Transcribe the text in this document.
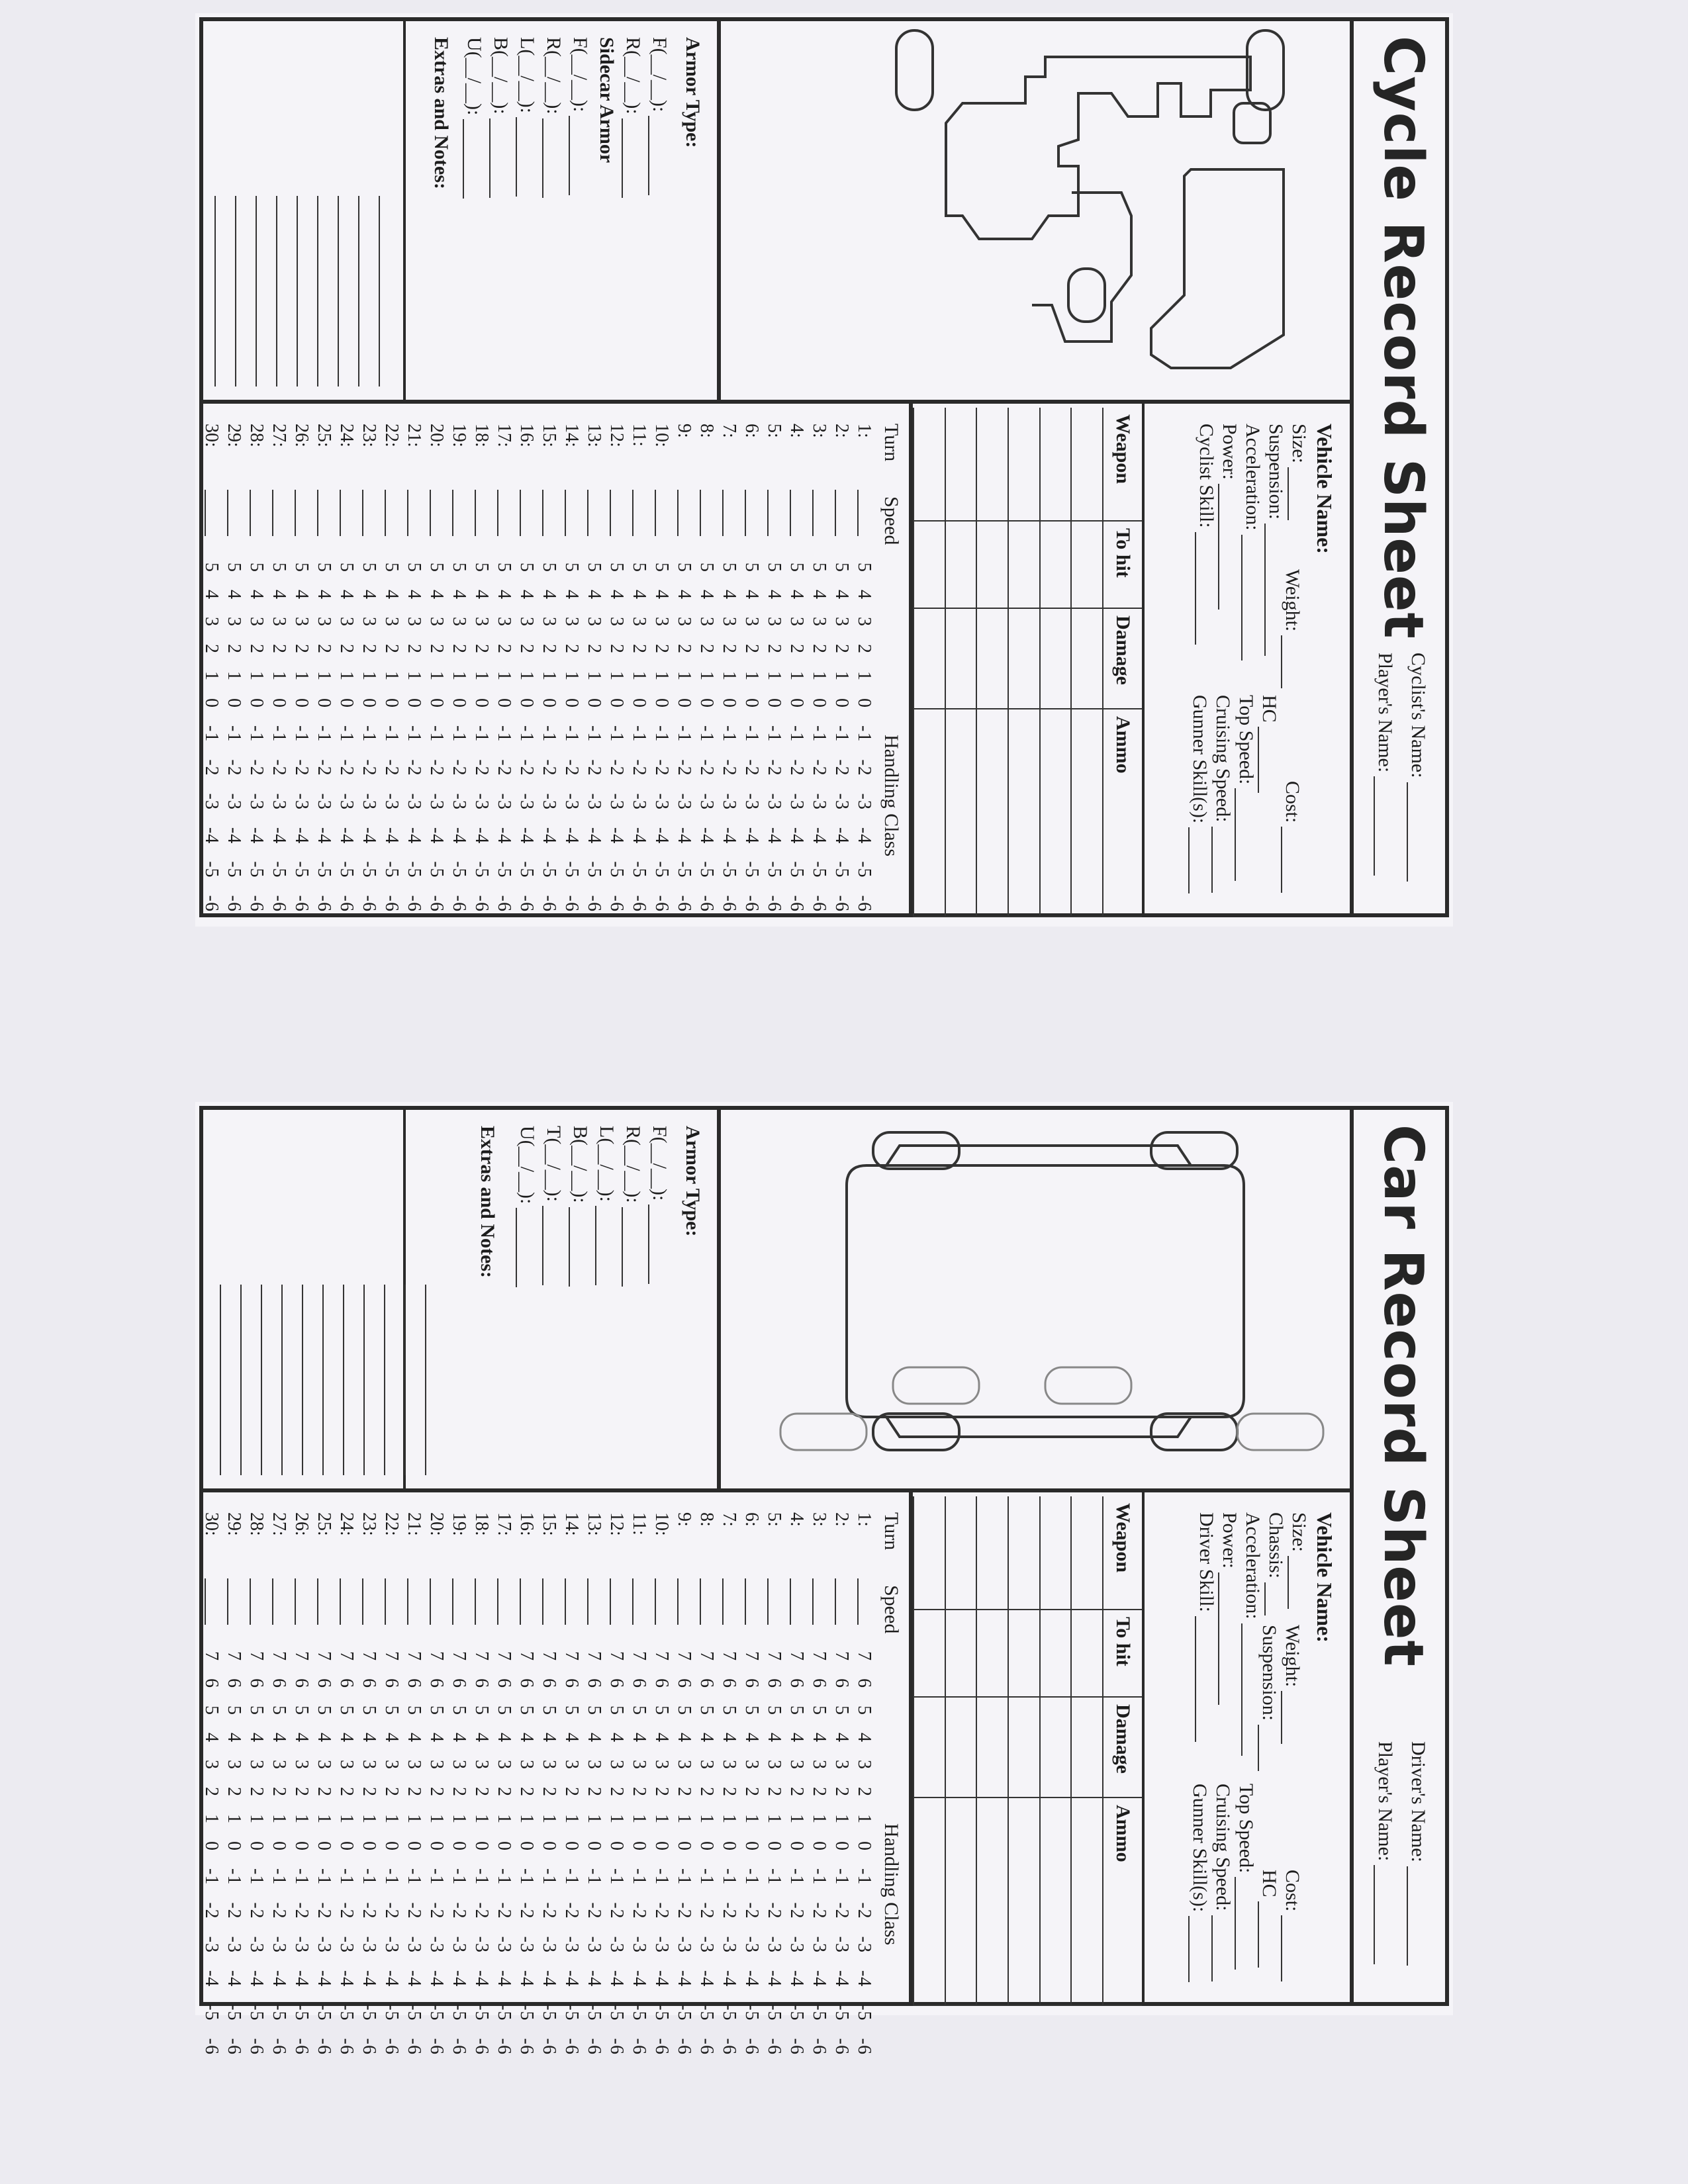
Cycle Record Sheet
Cyclist's Name:
Player's Name:
Armor Type:
F(__/__):
R(__/__):
Sidecar Armor
F(__/__):
R(__/__):
L(__/__):
B(__/__):
U(__/__):
Extras and Notes:
Vehicle Name:
Size:
Weight:
Cost:
Suspension:
HC
Acceleration:
Top Speed:
Power:
Cruising Speed:
Cyclist Skill:
Gunner Skill(s):
Weapon	To hit	Damage	Ammo

Turn
Speed
Handling Class
1:
5 4 3 2 1 0 -1 -2 -3 -4 -5 -6
2:
5 4 3 2 1 0 -1 -2 -3 -4 -5 -6
3:
5 4 3 2 1 0 -1 -2 -3 -4 -5 -6
4:
5 4 3 2 1 0 -1 -2 -3 -4 -5 -6
5:
5 4 3 2 1 0 -1 -2 -3 -4 -5 -6
6:
5 4 3 2 1 0 -1 -2 -3 -4 -5 -6
7:
5 4 3 2 1 0 -1 -2 -3 -4 -5 -6
8:
5 4 3 2 1 0 -1 -2 -3 -4 -5 -6
9:
5 4 3 2 1 0 -1 -2 -3 -4 -5 -6
10:
5 4 3 2 1 0 -1 -2 -3 -4 -5 -6
11:
5 4 3 2 1 0 -1 -2 -3 -4 -5 -6
12:
5 4 3 2 1 0 -1 -2 -3 -4 -5 -6
13:
5 4 3 2 1 0 -1 -2 -3 -4 -5 -6
14:
5 4 3 2 1 0 -1 -2 -3 -4 -5 -6
15:
5 4 3 2 1 0 -1 -2 -3 -4 -5 -6
16:
5 4 3 2 1 0 -1 -2 -3 -4 -5 -6
17:
5 4 3 2 1 0 -1 -2 -3 -4 -5 -6
18:
5 4 3 2 1 0 -1 -2 -3 -4 -5 -6
19:
5 4 3 2 1 0 -1 -2 -3 -4 -5 -6
20:
5 4 3 2 1 0 -1 -2 -3 -4 -5 -6
21:
5 4 3 2 1 0 -1 -2 -3 -4 -5 -6
22:
5 4 3 2 1 0 -1 -2 -3 -4 -5 -6
23:
5 4 3 2 1 0 -1 -2 -3 -4 -5 -6
24:
5 4 3 2 1 0 -1 -2 -3 -4 -5 -6
25:
5 4 3 2 1 0 -1 -2 -3 -4 -5 -6
26:
5 4 3 2 1 0 -1 -2 -3 -4 -5 -6
27:
5 4 3 2 1 0 -1 -2 -3 -4 -5 -6
28:
5 4 3 2 1 0 -1 -2 -3 -4 -5 -6
29:
5 4 3 2 1 0 -1 -2 -3 -4 -5 -6
30:
5 4 3 2 1 0 -1 -2 -3 -4 -5 -6
Car Record Sheet
Driver's Name:
Player's Name:
Armor Type:
F(__/__):
R(__/__):
L(__/__):
B(__/__):
T(__/__):
U(__/__):
Extras and Notes:
Vehicle Name:
Size:
Weight:
Cost:
Chassis:
Suspension:
HC
Acceleration:
Top Speed:
Power:
Cruising Speed:
Driver Skill:
Gunner Skill(s):
Weapon	To hit	Damage	Ammo

Turn
Speed
Handling Class
1:
7 6 5 4 3 2 1 0 -1 -2 -3 -4 -5 -6
2:
7 6 5 4 3 2 1 0 -1 -2 -3 -4 -5 -6
3:
7 6 5 4 3 2 1 0 -1 -2 -3 -4 -5 -6
4:
7 6 5 4 3 2 1 0 -1 -2 -3 -4 -5 -6
5:
7 6 5 4 3 2 1 0 -1 -2 -3 -4 -5 -6
6:
7 6 5 4 3 2 1 0 -1 -2 -3 -4 -5 -6
7:
7 6 5 4 3 2 1 0 -1 -2 -3 -4 -5 -6
8:
7 6 5 4 3 2 1 0 -1 -2 -3 -4 -5 -6
9:
7 6 5 4 3 2 1 0 -1 -2 -3 -4 -5 -6
10:
7 6 5 4 3 2 1 0 -1 -2 -3 -4 -5 -6
11:
7 6 5 4 3 2 1 0 -1 -2 -3 -4 -5 -6
12:
7 6 5 4 3 2 1 0 -1 -2 -3 -4 -5 -6
13:
7 6 5 4 3 2 1 0 -1 -2 -3 -4 -5 -6
14:
7 6 5 4 3 2 1 0 -1 -2 -3 -4 -5 -6
15:
7 6 5 4 3 2 1 0 -1 -2 -3 -4 -5 -6
16:
7 6 5 4 3 2 1 0 -1 -2 -3 -4 -5 -6
17:
7 6 5 4 3 2 1 0 -1 -2 -3 -4 -5 -6
18:
7 6 5 4 3 2 1 0 -1 -2 -3 -4 -5 -6
19:
7 6 5 4 3 2 1 0 -1 -2 -3 -4 -5 -6
20:
7 6 5 4 3 2 1 0 -1 -2 -3 -4 -5 -6
21:
7 6 5 4 3 2 1 0 -1 -2 -3 -4 -5 -6
22:
7 6 5 4 3 2 1 0 -1 -2 -3 -4 -5 -6
23:
7 6 5 4 3 2 1 0 -1 -2 -3 -4 -5 -6
24:
7 6 5 4 3 2 1 0 -1 -2 -3 -4 -5 -6
25:
7 6 5 4 3 2 1 0 -1 -2 -3 -4 -5 -6
26:
7 6 5 4 3 2 1 0 -1 -2 -3 -4 -5 -6
27:
7 6 5 4 3 2 1 0 -1 -2 -3 -4 -5 -6
28:
7 6 5 4 3 2 1 0 -1 -2 -3 -4 -5 -6
29:
7 6 5 4 3 2 1 0 -1 -2 -3 -4 -5 -6
30:
7 6 5 4 3 2 1 0 -1 -2 -3 -4 -5 -6
